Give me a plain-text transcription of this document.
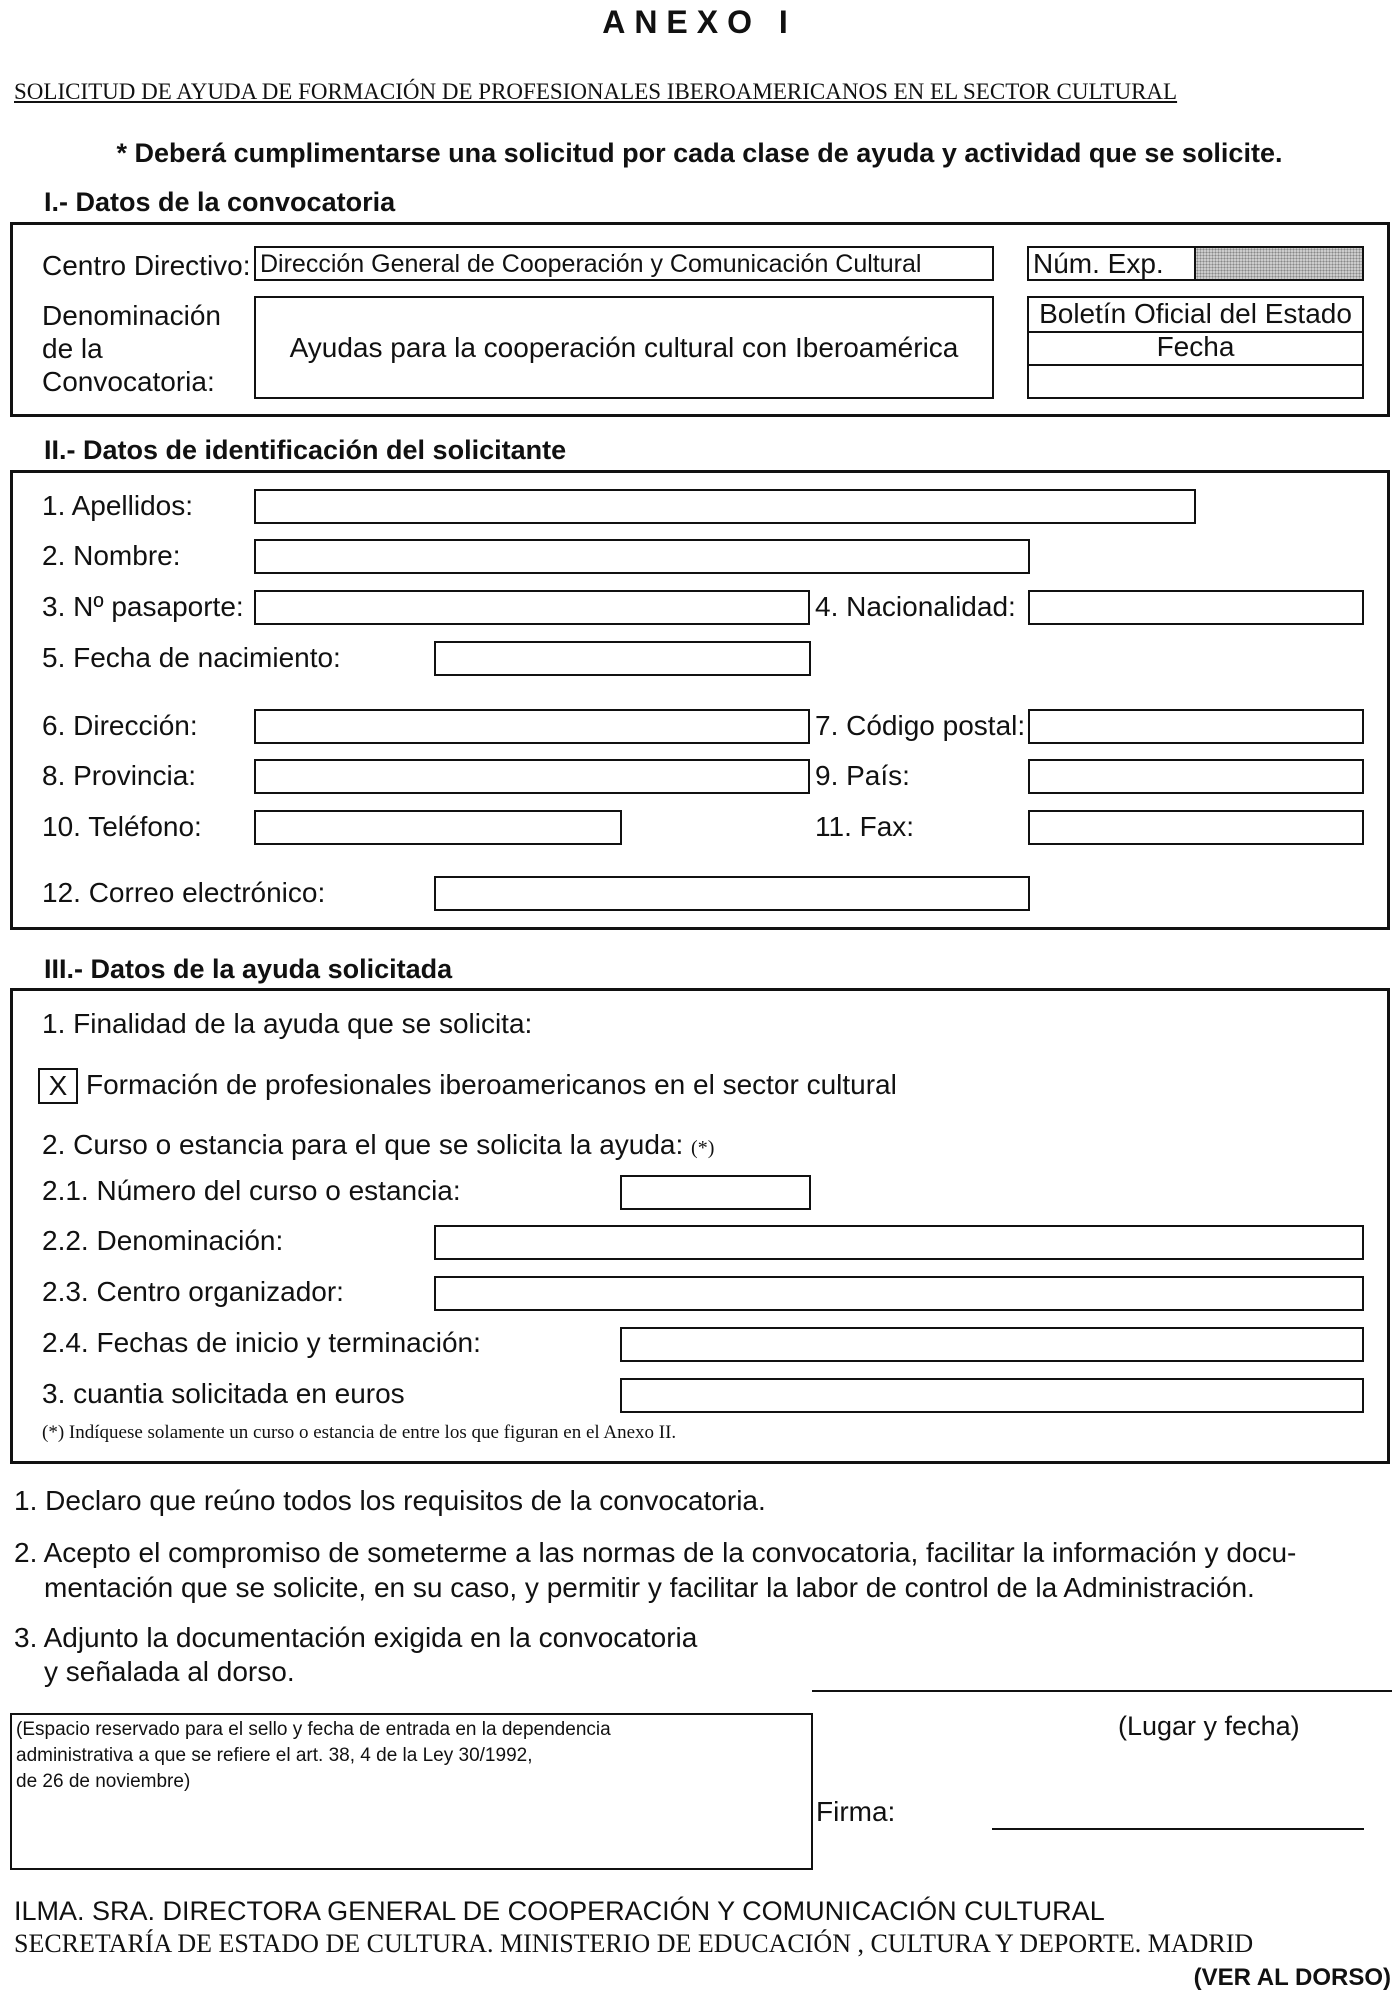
ANEXO I
SOLICITUD DE AYUDA DE FORMACIÓN DE PROFESIONALES IBEROAMERICANOS EN EL SECTOR CULTURAL
* Deberá cumplimentarse una solicitud por cada clase de ayuda y actividad que se solicite.
I.- Datos de la convocatoria
Centro Directivo: Dirección General de Cooperación y Comunicación Cultural	Núm. Exp.
Denominación
de la
Convocatoria:
Ayudas para la cooperación cultural con Iberoamérica
Boletín Oficial del Estado
Fecha
II.- Datos de identificación del solicitante
1. Apellidos:
2. Nombre:
3. Nº pasaporte:	4. Nacionalidad:
5. Fecha de nacimiento:
6. Dirección:	7. Código postal:
8. Provincia:	9. País:
10. Teléfono:	11. Fax:
12. Correo electrónico:
III.- Datos de la ayuda solicitada
1. Finalidad de la ayuda que se solicita:
X Formación de profesionales iberoamericanos en el sector cultural
2. Curso o estancia para el que se solicita la ayuda: (*)
2.1. Número del curso o estancia:
2.2. Denominación:
2.3. Centro organizador:
2.4. Fechas de inicio y terminación:
3. cuantia solicitada en euros
(*) Indíquese solamente un curso o estancia de entre los que figuran en el Anexo II.
1. Declaro que reúno todos los requisitos de la convocatoria.
2. Acepto el compromiso de someterme a las normas de la convocatoria, facilitar la información y docu-
mentación que se solicite, en su caso, y permitir y facilitar la labor de control de la Administración.
3. Adjunto la documentación exigida en la convocatoria
y señalada al dorso.
(Lugar y fecha)
(Espacio reservado para el sello y fecha de entrada en la dependencia
administrativa a que se refiere el art. 38, 4 de la Ley 30/1992,
de 26 de noviembre)
Firma:
ILMA. SRA. DIRECTORA GENERAL DE COOPERACIÓN Y COMUNICACIÓN CULTURAL
SECRETARÍA DE ESTADO DE CULTURA. MINISTERIO DE EDUCACIÓN , CULTURA Y DEPORTE. MADRID
(VER AL DORSO)
